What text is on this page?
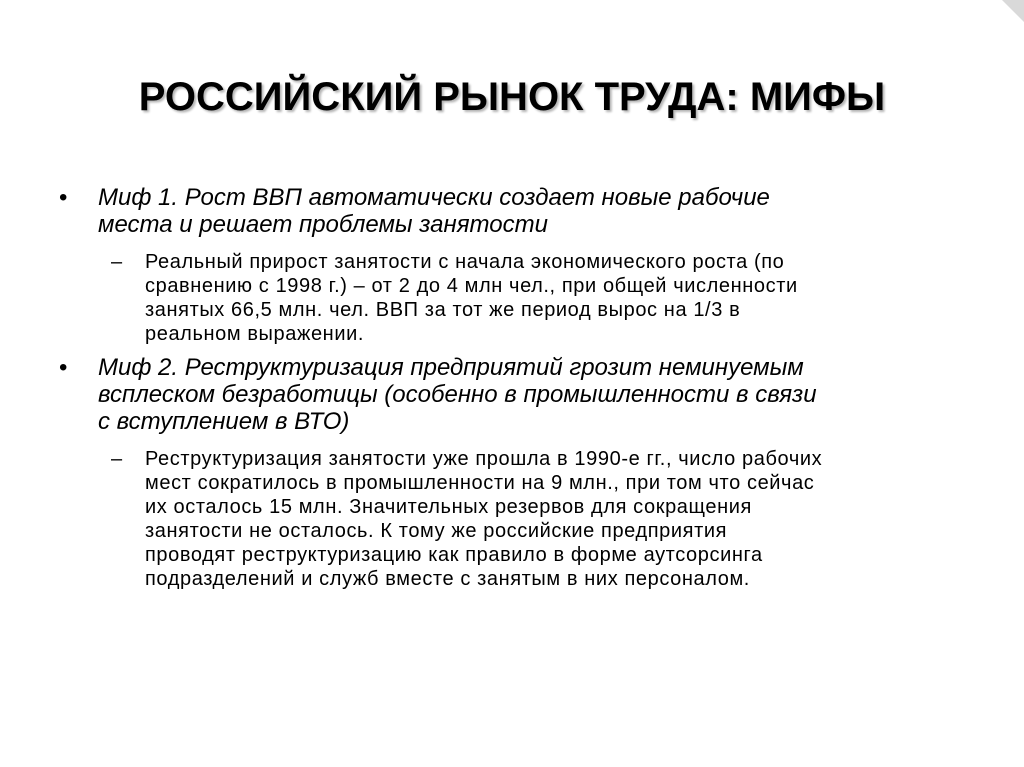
РОССИЙСКИЙ РЫНОК ТРУДА: МИФЫ
• Миф 1. Рост ВВП автоматически создает новые рабочие
места и решает проблемы занятости
– Реальный прирост занятости с начала экономического роста (по
сравнению с 1998 г.) – от 2 до 4 млн чел., при общей численности
занятых 66,5 млн. чел. ВВП за тот же период вырос на 1/3 в
реальном выражении.
• Миф 2. Реструктуризация предприятий грозит неминуемым
всплеском безработицы (особенно в промышленности в связи
с вступлением в ВТО)
– Реструктуризация занятости уже прошла в 1990-е гг., число рабочих
мест сократилось в промышленности на 9 млн., при том что сейчас
их осталось 15 млн. Значительных резервов для сокращения
занятости не осталось. К тому же российские предприятия
проводят реструктуризацию как правило в форме аутсорсинга
подразделений и служб вместе с занятым в них персоналом.
